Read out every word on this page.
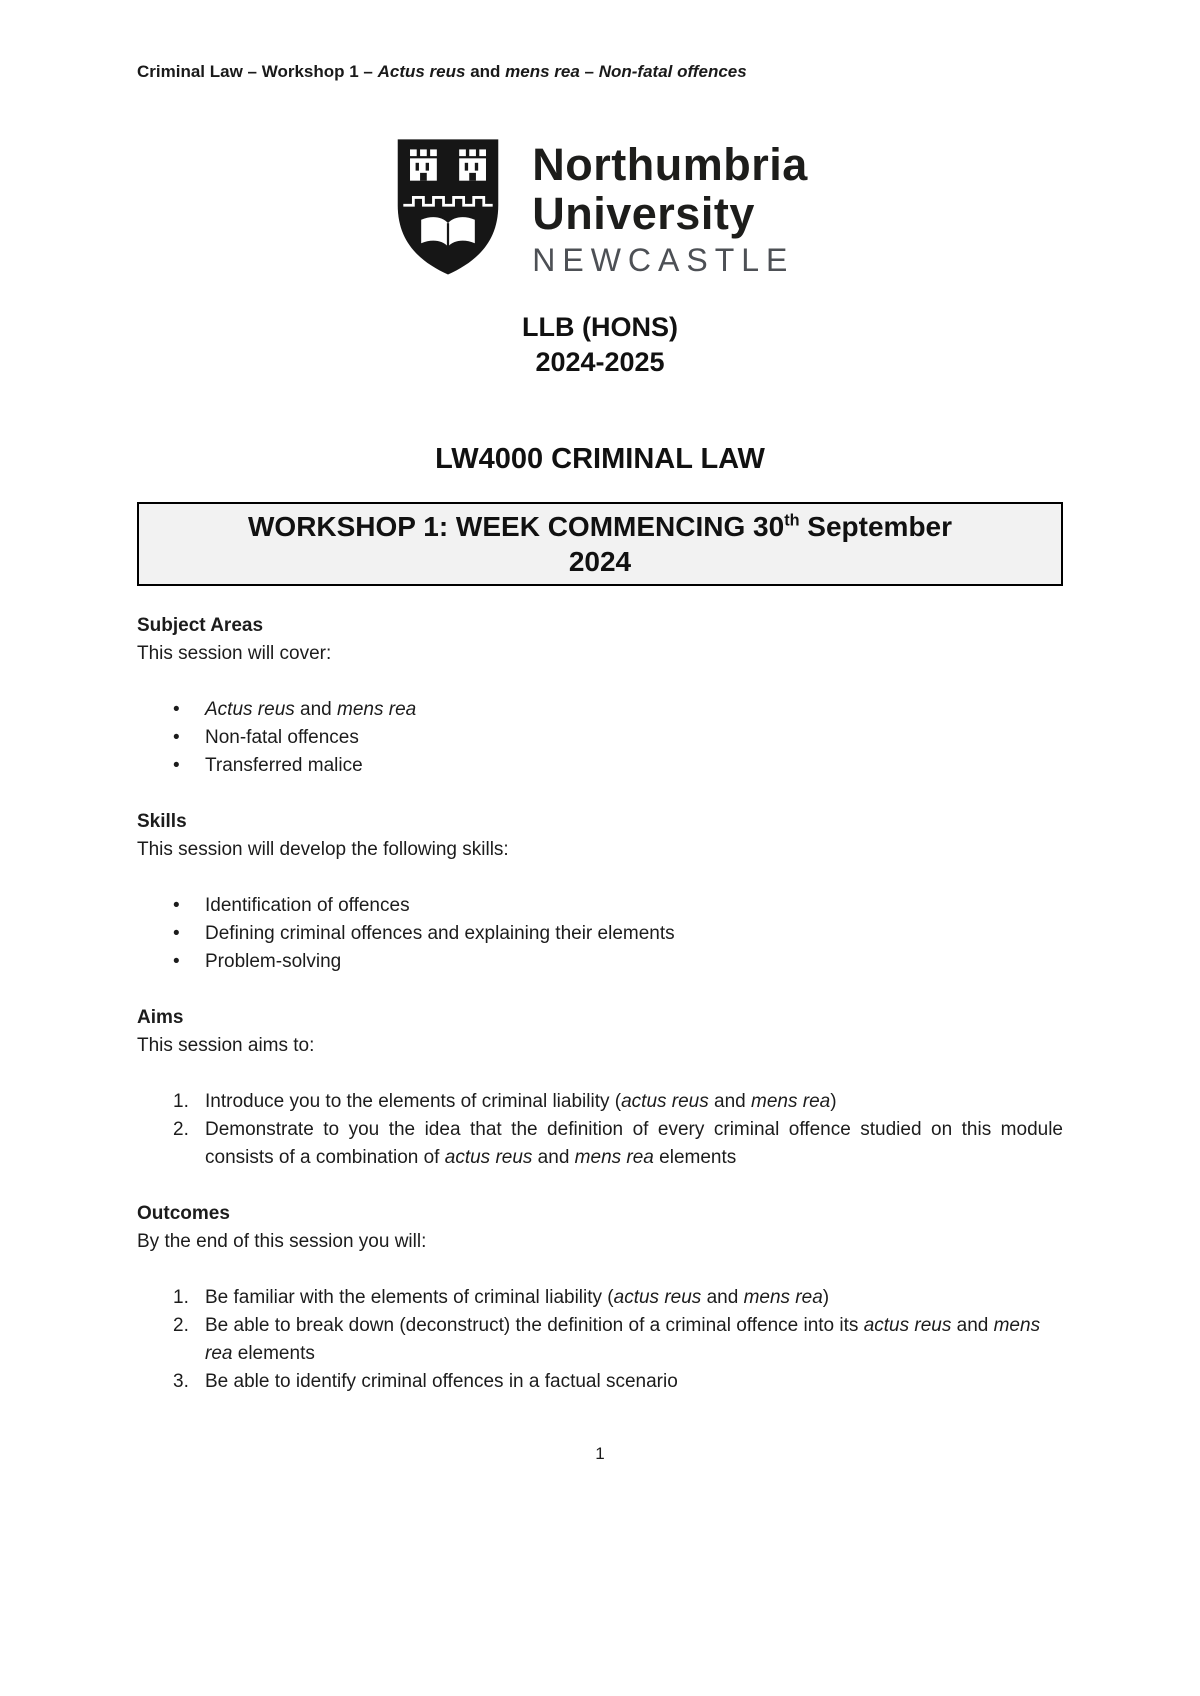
Criminal Law – Workshop 1 – Actus reus and mens rea – Non-fatal offences
Northumbria
University
NEWCASTLE
LLB (HONS)
2024-2025
LW4000 CRIMINAL LAW
WORKSHOP 1: WEEK COMMENCING 30th September
2024
Subject Areas

This session will cover:

•	Actus reus and mens rea
•	Non-fatal offences
•	Transferred malice
Skills

This session will develop the following skills:

•	Identification of offences
•	Defining criminal offences and explaining their elements
•	Problem-solving
Aims

This session aims to:

1. Introduce you to the elements of criminal liability (actus reus and mens rea)
2. Demonstrate to you the idea that the definition of every criminal offence studied on this module consists of a combination of actus reus and mens rea elements
Outcomes

By the end of this session you will:

1. Be familiar with the elements of criminal liability (actus reus and mens rea)
2. Be able to break down (deconstruct) the definition of a criminal offence into its actus reus and mens rea elements
3. Be able to identify criminal offences in a factual scenario
1
